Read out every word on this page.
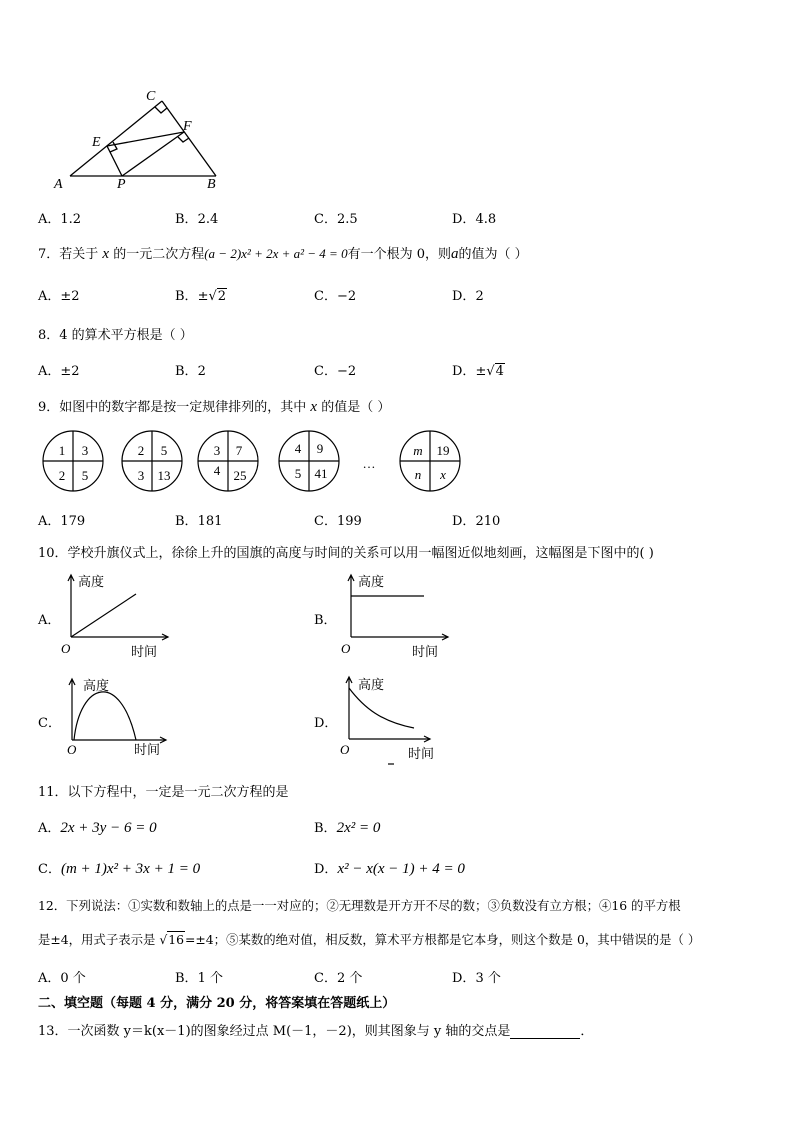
A	B
C
E
F
P
A．1.2	B．2.4	C．2.5	D．4.8
7．若关于 x 的一元二次方程(a − 2)x² + 2x + a² − 4 = 0有一个根为 0，则a的值为（ ）
A．±2	B．±√2	C．−2	D．2
8．4 的算术平方根是（ ）
A．±2	B．2	C．−2	D．±√4
9．如图中的数字都是按一定规律排列的，其中 x 的值是（ ）
1 3
2 5
2 5
3 13
3 7
4 25
4 9
5 41
…
m 19
n x
A．179	B．181	C．199	D．210
10．学校升旗仪式上，徐徐上升的国旗的高度与时间的关系可以用一幅图近似地刻画，这幅图是下图中的( )
A．
高度
时间
O
B．
高度
时间
O
C．
高度
时间
O
D．
高度
时间
O
11．以下方程中，一定是一元二次方程的是
A．2x + 3y − 6 = 0	B．2x² = 0
C．(m + 1)x² + 3x + 1 = 0	D．x² − x(x − 1) + 4 = 0
12．下列说法：①实数和数轴上的点是一一对应的；②无理数是开方开不尽的数；③负数没有立方根；④16 的平方根
是±4，用式子表示是 √16=±4；⑤某数的绝对值，相反数，算术平方根都是它本身，则这个数是 0，其中错误的是（ ）
A．0 个	B．1 个	C．2 个	D．3 个
二、填空题（每题 4 分，满分 20 分，将答案填在答题纸上）
13．一次函数 y＝k(x－1)的图象经过点 M(－1，－2)，则其图象与 y 轴的交点是	．
